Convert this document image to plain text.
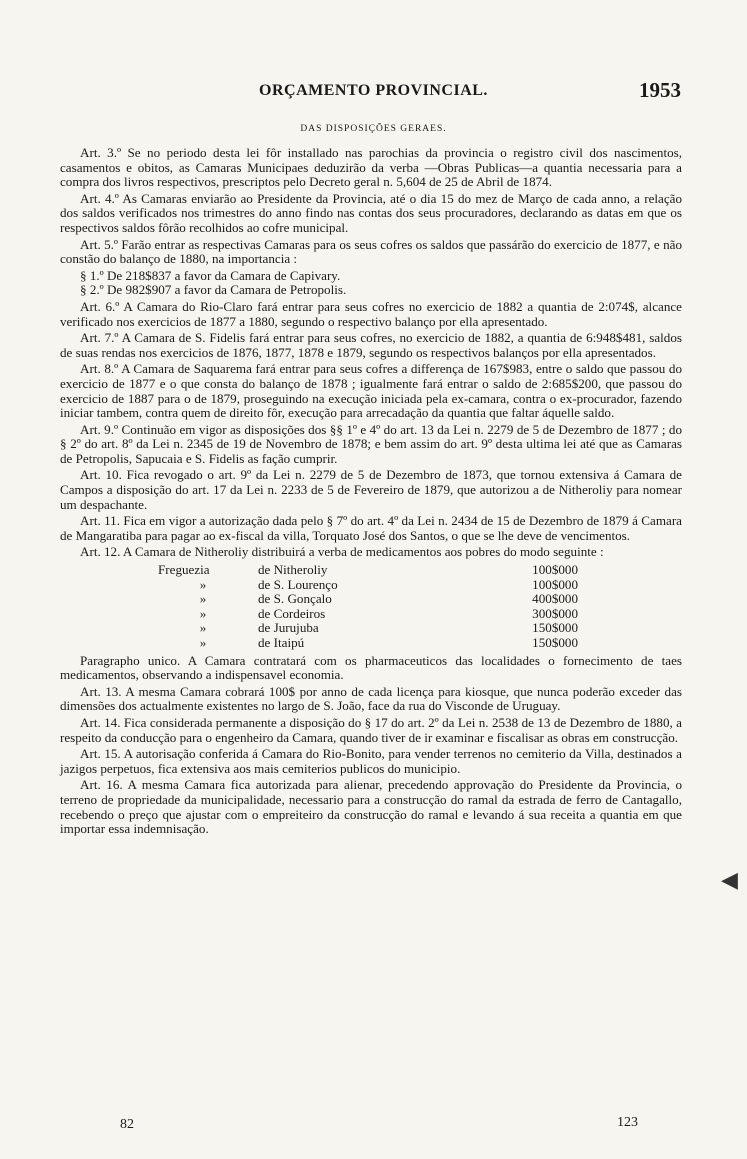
ORÇAMENTO PROVINCIAL.	1953
DAS DISPOSIÇÕES GERAES.

Art. 3.º Se no periodo desta lei fôr installado nas parochias da provincia o registro civil dos nascimentos, casamentos e obitos, as Camaras Municipaes deduzirão da verba —Obras Publicas—a quantia necessaria para a compra dos livros respectivos, prescriptos pelo Decreto geral n. 5,604 de 25 de Abril de 1874.

Art. 4.º As Camaras enviarão ao Presidente da Provincia, até o dia 15 do mez de Março de cada anno, a relação dos saldos verificados nos trimestres do anno findo nas contas dos seus procuradores, declarando as datas em que os respectivos saldos fôrão recolhidos ao cofre municipal.

Art. 5.º Farão entrar as respectivas Camaras para os seus cofres os saldos que passárão do exercicio de 1877, e não constão do balanço de 1880, na importancia :

§ 1.º De 218$837 a favor da Camara de Capivary.

§ 2.º De 982$907 a favor da Camara de Petropolis.

Art. 6.º A Camara do Rio-Claro fará entrar para seus cofres no exercicio de 1882 a quantia de 2:074$, alcance verificado nos exercicios de 1877 a 1880, segundo o respectivo balanço por ella apresentado.

Art. 7.º A Camara de S. Fidelis fará entrar para seus cofres, no exercicio de 1882, a quantia de 6:948$481, saldos de suas rendas nos exercicios de 1876, 1877, 1878 e 1879, segundo os respectivos balanços por ella apresentados.

Art. 8.º A Camara de Saquarema fará entrar para seus cofres a differença de 167$983, entre o saldo que passou do exercicio de 1877 e o que consta do balanço de 1878 ; igualmente fará entrar o saldo de 2:685$200, que passou do exercicio de 1887 para o de 1879, proseguindo na execução iniciada pela ex-camara, contra o ex-procurador, fazendo iniciar tambem, contra quem de direito fôr, execução para arrecadação da quantia que faltar áquelle saldo.

Art. 9.º Continuão em vigor as disposições dos §§ 1º e 4º do art. 13 da Lei n. 2279 de 5 de Dezembro de 1877 ; do § 2º do art. 8º da Lei n. 2345 de 19 de Novembro de 1878; e bem assim do art. 9º desta ultima lei até que as Camaras de Petropolis, Sapucaia e S. Fidelis as fação cumprir.

Art. 10. Fica revogado o art. 9º da Lei n. 2279 de 5 de Dezembro de 1873, que tornou extensiva á Camara de Campos a disposição do art. 17 da Lei n. 2233 de 5 de Fevereiro de 1879, que autorizou a de Nitheroliy para nomear um despachante.

Art. 11. Fica em vigor a autorização dada pelo § 7º do art. 4º da Lei n. 2434 de 15 de Dezembro de 1879 á Camara de Mangaratiba para pagar ao ex-fiscal da villa, Torquato José dos Santos, o que se lhe deve de vencimentos.

Art. 12. A Camara de Nitheroliy distribuirá a verba de medicamentos aos pobres do modo seguinte :

Freguezia	de Nitheroliy	100$000
»	de S. Lourenço	100$000
»	de S. Gonçalo	400$000
»	de Cordeiros	300$000
»	de Jurujuba	150$000
»	de Itaipú	150$000

Paragrapho unico. A Camara contratará com os pharmaceuticos das localidades o fornecimento de taes medicamentos, observando a indispensavel economia.

Art. 13. A mesma Camara cobrará 100$ por anno de cada licença para kiosque, que nunca poderão exceder das dimensões dos actualmente existentes no largo de S. João, face da rua do Visconde de Uruguay.

Art. 14. Fica considerada permanente a disposição do § 17 do art. 2º da Lei n. 2538 de 13 de Dezembro de 1880, a respeito da conducção para o engenheiro da Camara, quando tiver de ir examinar e fiscalisar as obras em construcção.

Art. 15. A autorisação conferida á Camara do Rio-Bonito, para vender terrenos no cemiterio da Villa, destinados a jazigos perpetuos, fica extensiva aos mais cemiterios publicos do municipio.

Art. 16. A mesma Camara fica autorizada para alienar, precedendo approvação do Presidente da Provincia, o terreno de propriedade da municipalidade, necessario para a construcção do ramal da estrada de ferro de Cantagallo, recebendo o preço que ajustar com o empreiteiro da construcção do ramal e levando á sua receita a quantia em que importar essa indemnisação.

◀
82	123
